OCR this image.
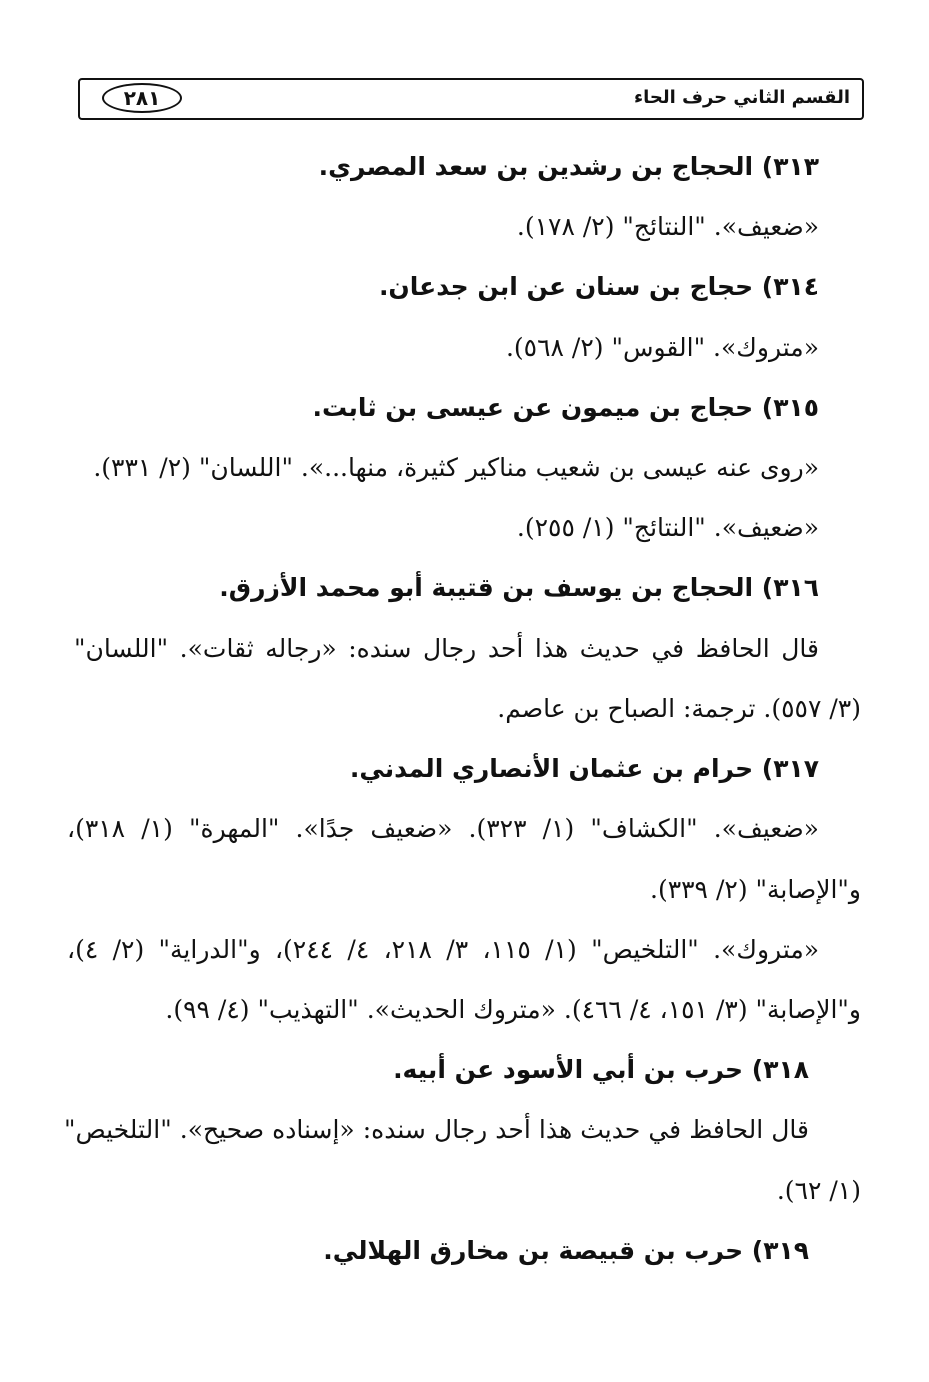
القسم الثاني حرف الحاء
٢٨١
٣١٣) الحجاج بن رشدين بن سعد المصري.
«ضعيف». "النتائج" (٢/ ١٧٨).
٣١٤) حجاج بن سنان عن ابن جدعان.
«متروك». "القوس" (٢/ ٥٦٨).
٣١٥) حجاج بن ميمون عن عيسى بن ثابت.
«روى عنه عيسى بن شعيب مناكير كثيرة، منها...». "اللسان" (٢/ ٣٣١).
«ضعيف». "النتائج" (١/ ٢٥٥).
٣١٦) الحجاج بن يوسف بن قتيبة أبو محمد الأزرق.
قال الحافظ في حديث هذا أحد رجال سنده: «رجاله ثقات». "اللسان"
(٣/ ٥٥٧). ترجمة: الصباح بن عاصم.
٣١٧) حرام بن عثمان الأنصاري المدني.
«ضعيف». "الكشاف" (١/ ٣٢٣). «ضعيف جدًا». "المهرة" (١/ ٣١٨)،
و"الإصابة" (٢/ ٣٣٩).
«متروك». "التلخيص" (١/ ١١٥، ٣/ ٢١٨، ٤/ ٢٤٤)، و"الدراية" (٢/ ٤)،
و"الإصابة" (٣/ ١٥١، ٤/ ٤٦٦). «متروك الحديث». "التهذيب" (٤/ ٩٩).
٣١٨) حرب بن أبي الأسود عن أبيه.
قال الحافظ في حديث هذا أحد رجال سنده: «إسناده صحيح». "التلخيص"
(١/ ٦٢).
٣١٩) حرب بن قبيصة بن مخارق الهلالي.
